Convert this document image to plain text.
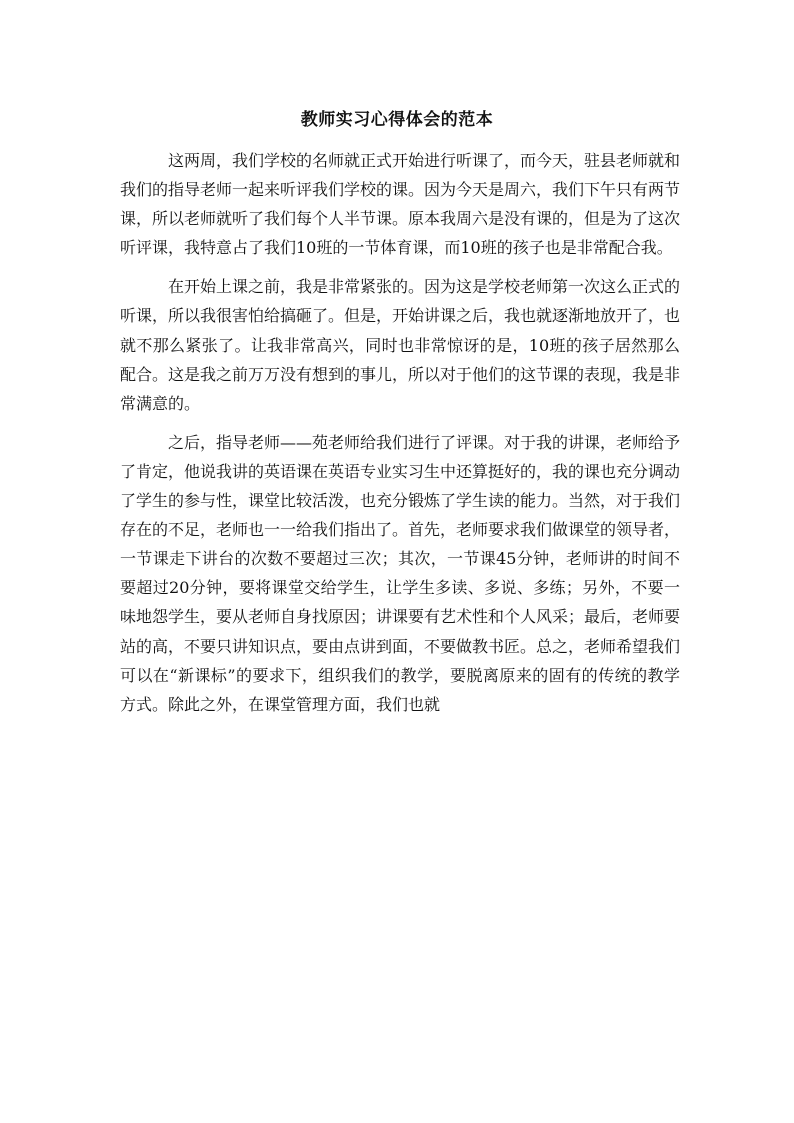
教师实习心得体会的范本

这两周，我们学校的名师就正式开始进行听课了，而今天，驻县老师就和我们的指导老师一起来听评我们学校的课。因为今天是周六，我们下午只有两节课，所以老师就听了我们每个人半节课。原本我周六是没有课的，但是为了这次听评课，我特意占了我们10班的一节体育课，而10班的孩子也是非常配合我。

在开始上课之前，我是非常紧张的。因为这是学校老师第一次这么正式的听课，所以我很害怕给搞砸了。但是，开始讲课之后，我也就逐渐地放开了，也就不那么紧张了。让我非常高兴，同时也非常惊讶的是，10班的孩子居然那么配合。这是我之前万万没有想到的事儿，所以对于他们的这节课的表现，我是非常满意的。

之后，指导老师——苑老师给我们进行了评课。对于我的讲课，老师给予了肯定，他说我讲的英语课在英语专业实习生中还算挺好的，我的课也充分调动了学生的参与性，课堂比较活泼，也充分锻炼了学生读的能力。当然，对于我们存在的不足，老师也一一给我们指出了。首先，老师要求我们做课堂的领导者，一节课走下讲台的次数不要超过三次；其次，一节课45分钟，老师讲的时间不要超过20分钟，要将课堂交给学生，让学生多读、多说、多练；另外，不要一味地怨学生，要从老师自身找原因；讲课要有艺术性和个人风采；最后，老师要站的高，不要只讲知识点，要由点讲到面，不要做教书匠。总之，老师希望我们可以在“新课标”的要求下，组织我们的教学，要脱离原来的固有的传统的教学方式。除此之外，在课堂管理方面，我们也就
